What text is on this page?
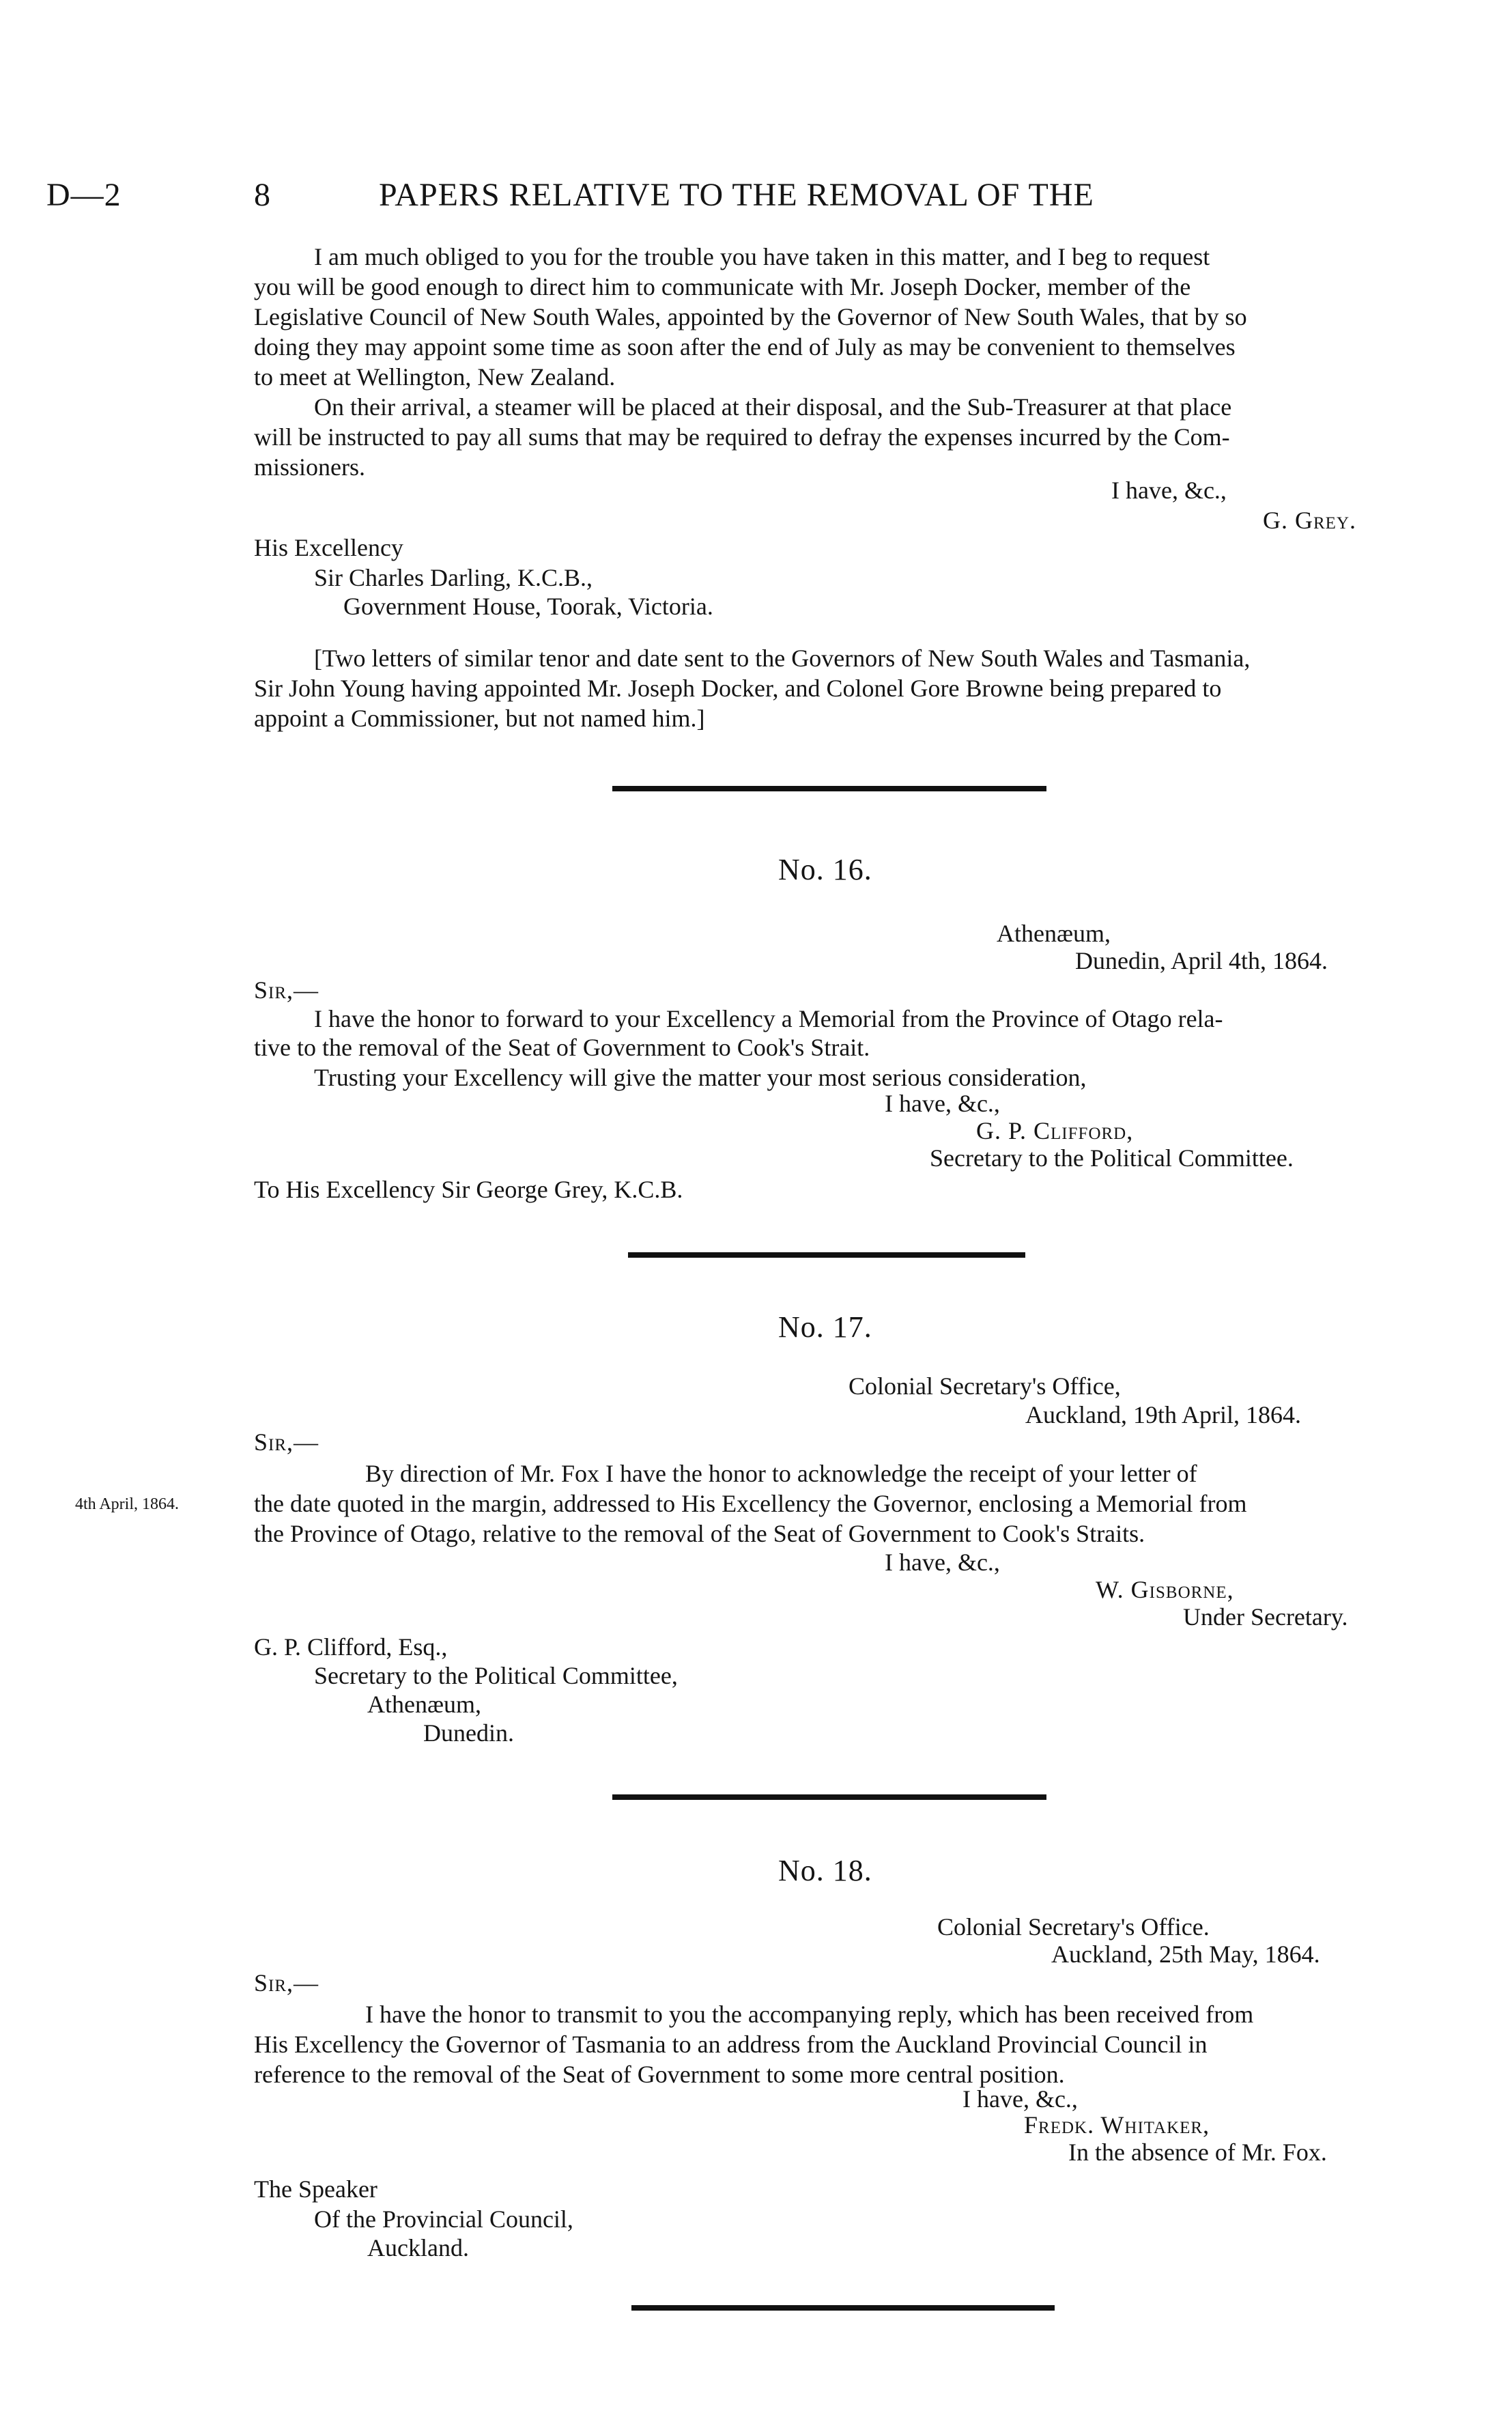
D—2	8	PAPERS RELATIVE TO THE REMOVAL OF THE
I am much obliged to you for the trouble you have taken in this matter, and I beg to request
you will be good enough to direct him to communicate with Mr. Joseph Docker, member of the
Legislative Council of New South Wales, appointed by the Governor of New South Wales, that by so
doing they may appoint some time as soon after the end of July as may be convenient to themselves
to meet at Wellington, New Zealand.
On their arrival, a steamer will be placed at their disposal, and the Sub-Treasurer at that place
will be instructed to pay all sums that may be required to defray the expenses incurred by the Com-
missioners.
I have, &c.,
G. Grey.
His Excellency
Sir Charles Darling, K.C.B.,
Government House, Toorak, Victoria.
[Two letters of similar tenor and date sent to the Governors of New South Wales and Tasmania,
Sir John Young having appointed Mr. Joseph Docker, and Colonel Gore Browne being prepared to
appoint a Commissioner, but not named him.]
No. 16.
Athenæum,
Dunedin, April 4th, 1864.
Sir,—
I have the honor to forward to your Excellency a Memorial from the Province of Otago rela-
tive to the removal of the Seat of Government to Cook's Strait.
Trusting your Excellency will give the matter your most serious consideration,
I have, &c.,
G. P. Clifford,
Secretary to the Political Committee.
To His Excellency Sir George Grey, K.C.B.
No. 17.
Colonial Secretary's Office,
Auckland, 19th April, 1864.
Sir,—
4th April, 1864.
By direction of Mr. Fox I have the honor to acknowledge the receipt of your letter of
the date quoted in the margin, addressed to His Excellency the Governor, enclosing a Memorial from
the Province of Otago, relative to the removal of the Seat of Government to Cook's Straits.
I have, &c.,
W. Gisborne,
Under Secretary.
G. P. Clifford, Esq.,
Secretary to the Political Committee,
Athenæum,
Dunedin.
No. 18.
Colonial Secretary's Office.
Auckland, 25th May, 1864.
Sir,—
I have the honor to transmit to you the accompanying reply, which has been received from
His Excellency the Governor of Tasmania to an address from the Auckland Provincial Council in
reference to the removal of the Seat of Government to some more central position.
I have, &c.,
Fredk. Whitaker,
In the absence of Mr. Fox.
The Speaker
Of the Provincial Council,
Auckland.
